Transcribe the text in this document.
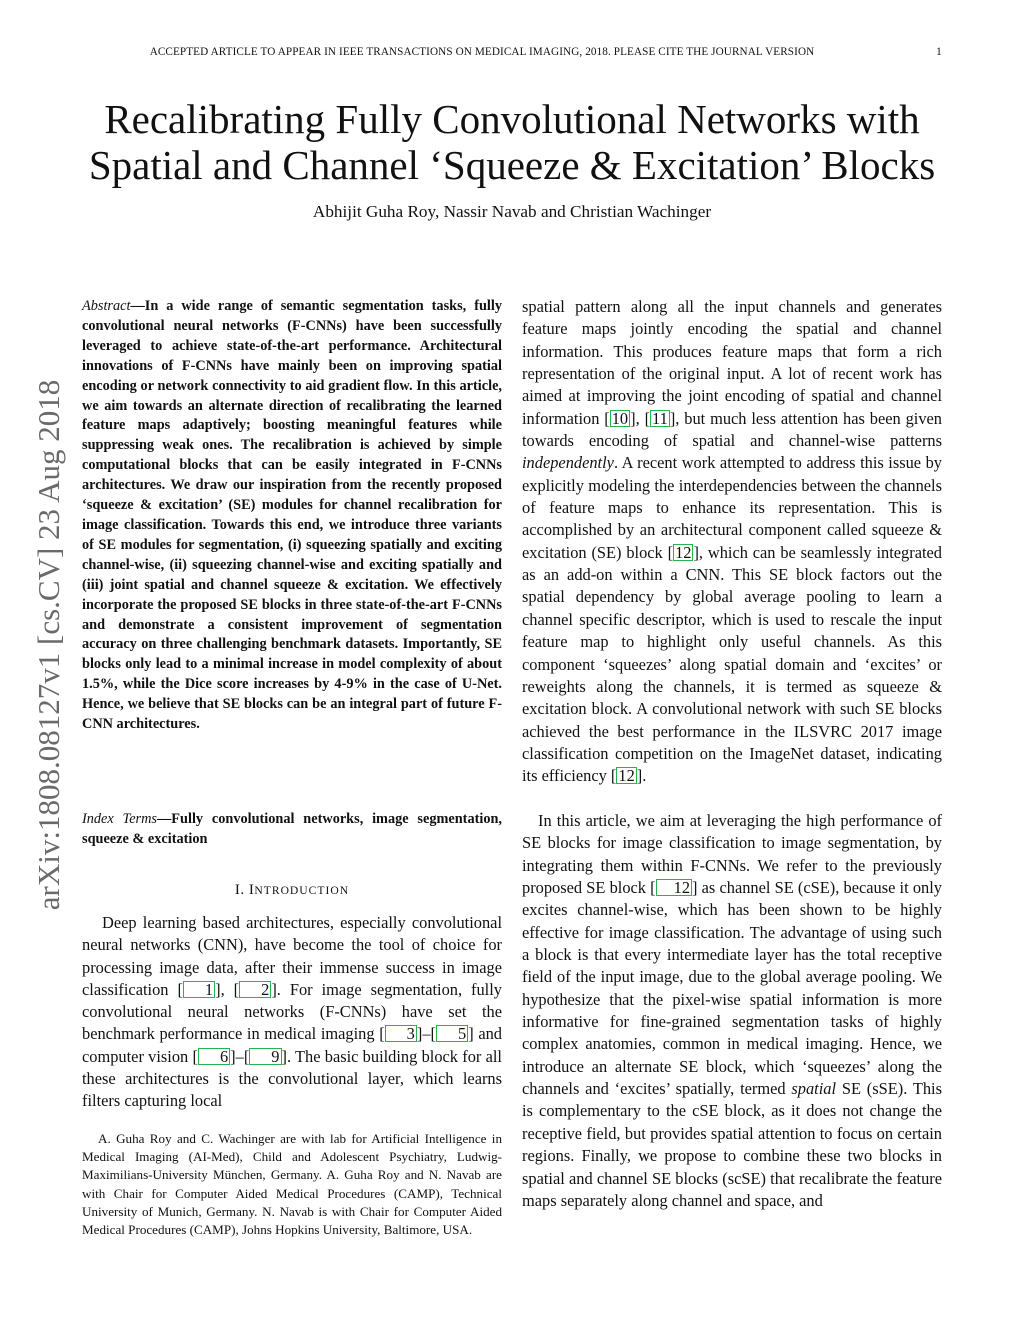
ACCEPTED ARTICLE TO APPEAR IN IEEE TRANSACTIONS ON MEDICAL IMAGING, 2018. PLEASE CITE THE JOURNAL VERSION	1
Recalibrating Fully Convolutional Networks with
Spatial and Channel ‘Squeeze & Excitation’ Blocks
Abhijit Guha Roy, Nassir Navab and Christian Wachinger
arXiv:1808.08127v1 [cs.CV] 23 Aug 2018
Abstract—In a wide range of semantic segmentation tasks, fully convolutional neural networks (F-CNNs) have been successfully leveraged to achieve state-of-the-art performance. Architectural innovations of F-CNNs have mainly been on improving spatial encoding or network connectivity to aid gradient flow. In this article, we aim towards an alternate direction of recalibrating the learned feature maps adaptively; boosting meaningful features while suppressing weak ones. The recalibration is achieved by simple computational blocks that can be easily integrated in F-CNNs architectures. We draw our inspiration from the recently proposed ‘squeeze & excitation’ (SE) modules for channel recalibration for image classification. Towards this end, we introduce three variants of SE modules for segmentation, (i) squeezing spatially and exciting channel-wise, (ii) squeezing channel-wise and exciting spatially and (iii) joint spatial and channel squeeze & excitation. We effectively incorporate the proposed SE blocks in three state-of-the-art F-CNNs and demonstrate a consistent improvement of segmentation accuracy on three challenging benchmark datasets. Importantly, SE blocks only lead to a minimal increase in model complexity of about 1.5%, while the Dice score increases by 4-9% in the case of U-Net. Hence, we believe that SE blocks can be an integral part of future F-CNN architectures.
Index Terms—Fully convolutional networks, image segmentation, squeeze & excitation
I. INTRODUCTION
Deep learning based architectures, especially convolutional neural networks (CNN), have become the tool of choice for processing image data, after their immense success in image classification [ 1 ], [ 2 ]. For image segmentation, fully convolutional neural networks (F-CNNs) have set the benchmark performance in medical imaging [ 3 ]–[ 5 ] and computer vision [ 6 ]–[ 9 ]. The basic building block for all these architectures is the convolutional layer, which learns filters capturing local
A. Guha Roy and C. Wachinger are with lab for Artificial Intelligence in Medical Imaging (AI-Med), Child and Adolescent Psychiatry, Ludwig-Maximilians-University München, Germany. A. Guha Roy and N. Navab are with Chair for Computer Aided Medical Procedures (CAMP), Technical University of Munich, Germany. N. Navab is with Chair for Computer Aided Medical Procedures (CAMP), Johns Hopkins University, Baltimore, USA.
spatial pattern along all the input channels and generates feature maps jointly encoding the spatial and channel information. This produces feature maps that form a rich representation of the original input. A lot of recent work has aimed at improving the joint encoding of spatial and channel information [ 10 ], [ 11 ], but much less attention has been given towards encoding of spatial and channel-wise patterns independently. A recent work attempted to address this issue by explicitly modeling the interdependencies between the channels of feature maps to enhance its representation. This is accomplished by an architectural component called squeeze & excitation (SE) block [ 12 ], which can be seamlessly integrated as an add-on within a CNN. This SE block factors out the spatial dependency by global average pooling to learn a channel specific descriptor, which is used to rescale the input feature map to highlight only useful channels. As this component ‘squeezes’ along spatial domain and ‘excites’ or reweights along the channels, it is termed as squeeze & excitation block. A convolutional network with such SE blocks achieved the best performance in the ILSVRC 2017 image classification competition on the ImageNet dataset, indicating its efficiency [ 12 ].
In this article, we aim at leveraging the high performance of SE blocks for image classification to image segmentation, by integrating them within F-CNNs. We refer to the previously proposed SE block [ 12 ] as channel SE (cSE), because it only excites channel-wise, which has been shown to be highly effective for image classification. The advantage of using such a block is that every intermediate layer has the total receptive field of the input image, due to the global average pooling. We hypothesize that the pixel-wise spatial information is more informative for fine-grained segmentation tasks of highly complex anatomies, common in medical imaging. Hence, we introduce an alternate SE block, which ‘squeezes’ along the channels and ‘excites’ spatially, termed spatial SE (sSE). This is complementary to the cSE block, as it does not change the receptive field, but provides spatial attention to focus on certain regions. Finally, we propose to combine these two blocks in spatial and channel SE blocks (scSE) that recalibrate the feature maps separately along channel and space, and
